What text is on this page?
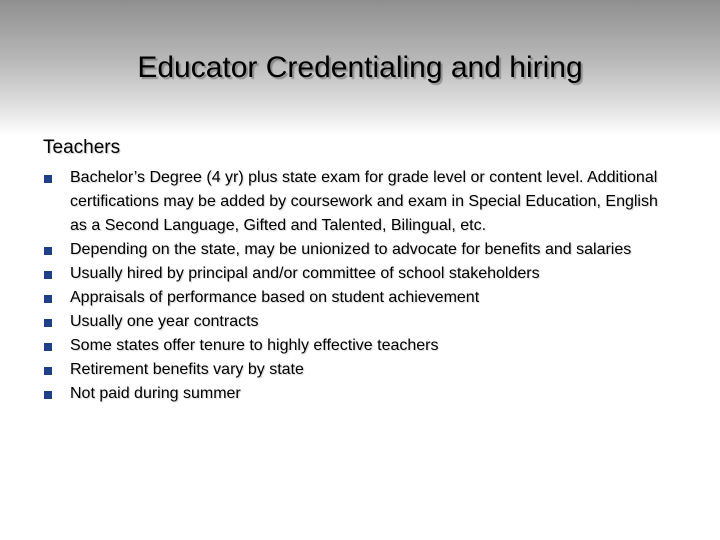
Educator Credentialing and hiring
Teachers
Bachelor’s Degree (4 yr) plus state exam for grade level or content level. Additional certifications may be added by coursework and exam in Special Education, English as a Second Language, Gifted and Talented, Bilingual, etc.
Depending on the state, may be unionized to advocate for benefits and salaries
Usually hired by principal and/or committee of school stakeholders
Appraisals of performance based on student achievement
Usually one year contracts
Some states offer tenure to highly effective teachers
Retirement benefits vary by state
Not paid during summer
